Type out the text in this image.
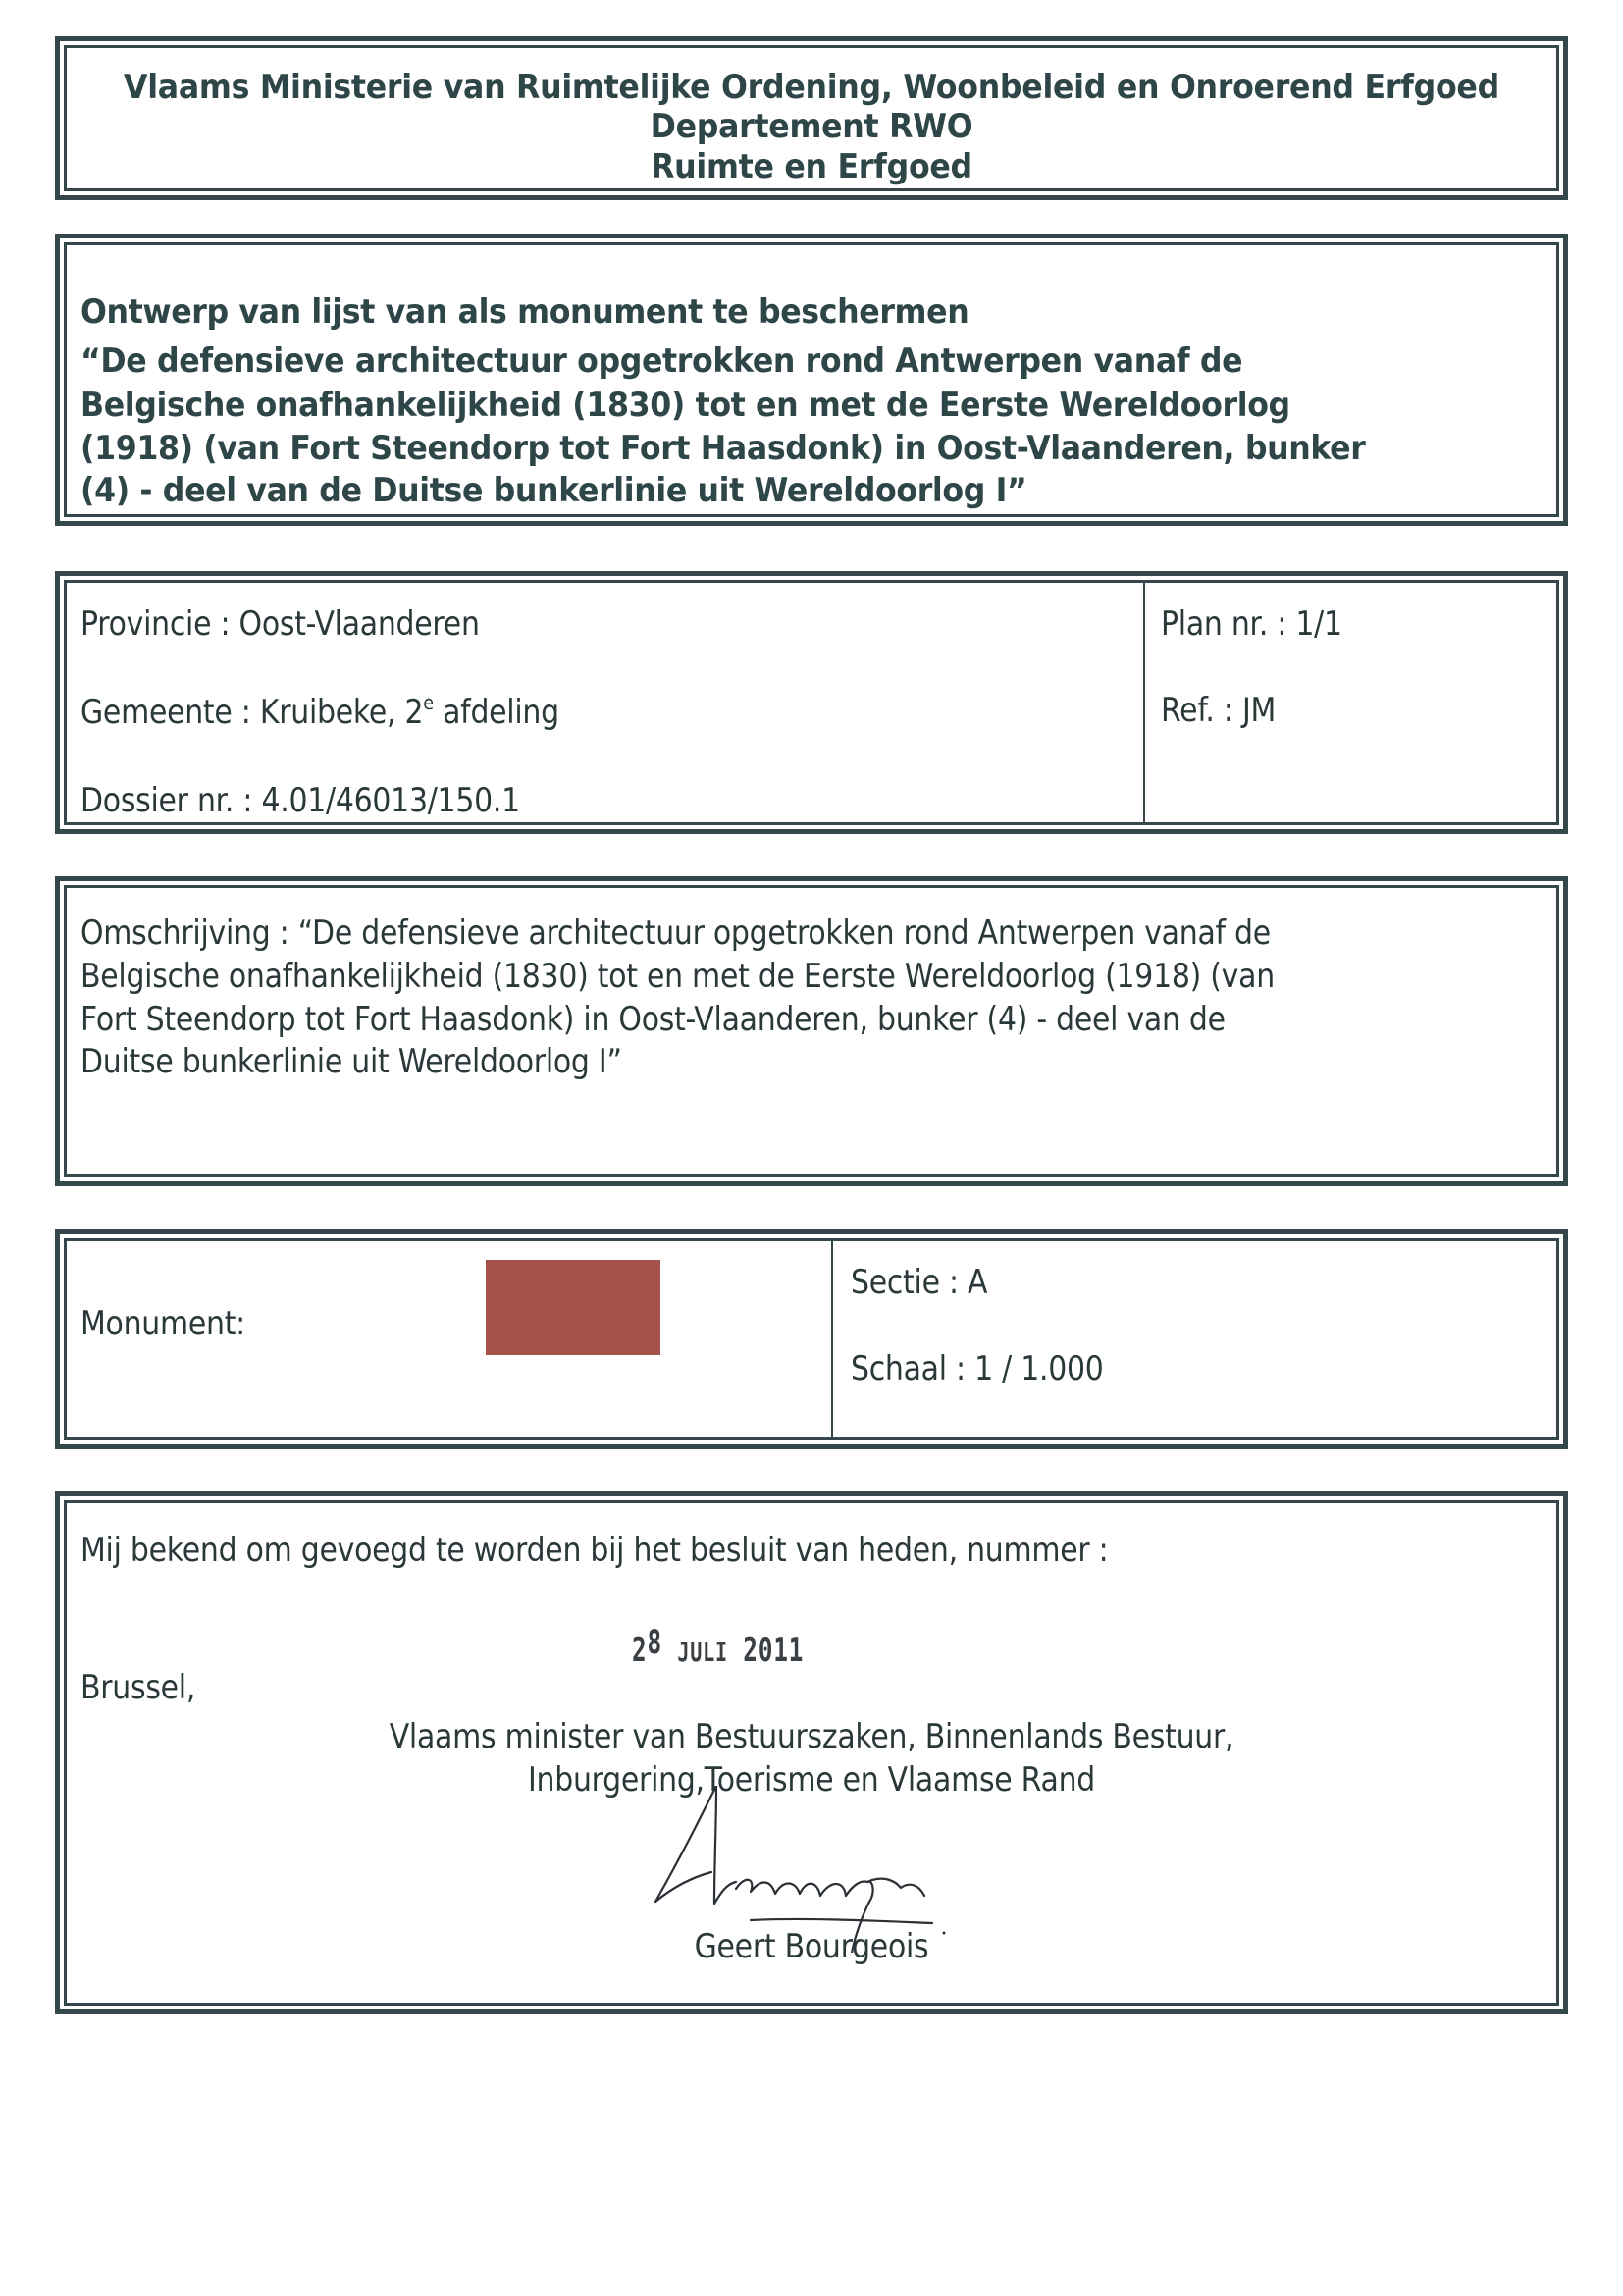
Vlaams Ministerie van Ruimtelijke Ordening, Woonbeleid en Onroerend Erfgoed
Departement RWO
Ruimte en Erfgoed
Ontwerp van lijst van als monument te beschermen
“De defensieve architectuur opgetrokken rond Antwerpen vanaf de
Belgische onafhankelijkheid (1830) tot en met de Eerste Wereldoorlog
(1918) (van Fort Steendorp tot Fort Haasdonk) in Oost-Vlaanderen, bunker
(4) - deel van de Duitse bunkerlinie uit Wereldoorlog I”
Provincie : Oost-Vlaanderen
Gemeente : Kruibeke, 2e afdeling
Dossier nr. : 4.01/46013/150.1
Plan nr. : 1/1
Ref. : JM
Omschrijving : “De defensieve architectuur opgetrokken rond Antwerpen vanaf de
Belgische onafhankelijkheid (1830) tot en met de Eerste Wereldoorlog (1918) (van
Fort Steendorp tot Fort Haasdonk) in Oost-Vlaanderen, bunker (4) - deel van de
Duitse bunkerlinie uit Wereldoorlog I”
Monument:
Sectie : A
Schaal : 1 / 1.000
Mij bekend om gevoegd te worden bij het besluit van heden, nummer :
28 JULI 2011
Brussel,
Vlaams minister van Bestuurszaken, Binnenlands Bestuur,
Inburgering,Toerisme en Vlaamse Rand
Geert Bourgeois
